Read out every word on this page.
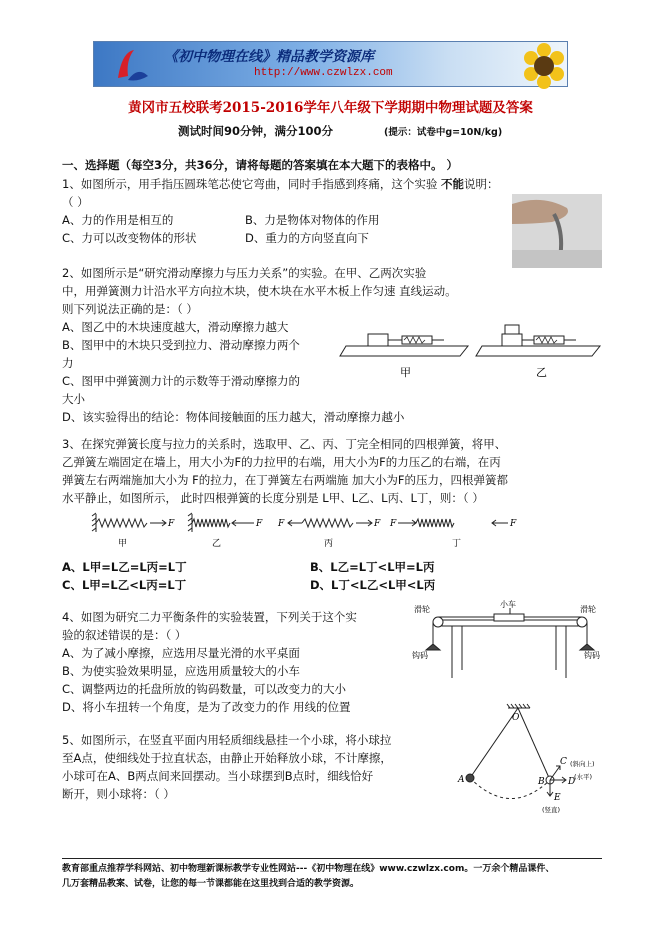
《初中物理在线》精品教学资源库
http://www.czwlzx.com
黄冈市五校联考2015-2016学年八年级下学期期中物理试题及答案
测试时间90分钟，满分100分	(提示：试卷中g=10N/kg)
一、选择题（每空3分，共36分，请将每题的答案填在本大题下的表格中。 ）
1、如图所示，用手指压圆珠笔芯使它弯曲，同时手指感到疼痛，这个实验 不能说明：
（ ）
A、力的作用是相互的	B、力是物体对物体的作用
C、力可以改变物体的形状	D、重力的方向竖直向下
2、如图所示是“研究滑动摩擦力与压力关系”的实验。在甲、乙两次实验
中，用弹簧测力计沿水平方向拉木块，使木块在水平木板上作匀速 直线运动。
则下列说法正确的是：（ ）
A、图乙中的木块速度越大，滑动摩擦力越大
B、图甲中的木块只受到拉力、滑动摩擦力两个
力
C、图甲中弹簧测力计的示数等于滑动摩擦力的
大小
D、该实验得出的结论：物体间接触面的压力越大，滑动摩擦力越小
甲	乙
3、在探究弹簧长度与拉力的关系时，选取甲、乙、丙、丁完全相同的四根弹簧，将甲、
乙弹簧左端固定在墙上，用大小为F的力拉甲的右端，用大小为F的力压乙的右端，在丙
弹簧左右两端施加大小为 F的拉力，在丁弹簧左右两端施 加大小为F的压力，四根弹簧都
水平静止，如图所示， 此时四根弹簧的长度分别是 L甲、L乙、L丙、L丁，则：（ ）
F	F F	F F	F
甲	乙	丙	丁
A、L甲=L乙=L丙=L丁	B、L乙=L丁<L甲=L丙
C、L甲=L乙<L丙=L丁	D、L丁<L乙<L甲<L丙
4、如图为研究二力平衡条件的实验装置，下列关于这个实
验的叙述错误的是：（ ）
A、为了减小摩擦，应选用尽量光滑的水平桌面
B、为使实验效果明显，应选用质量较大的小车
C、调整两边的托盘所放的钩码数量，可以改变力的大小
D、将小车扭转一个角度，是为了改变力的作 用线的位置
小车
滑轮	滑轮
钩码	钩码
5、如图所示，在竖直平面内用轻质细线悬挂一个小球，将小球拉
至A点，使细线处于拉直状态，由静止开始释放小球，不计摩擦，
小球可在A、B两点间来回摆动。当小球摆到B点时，细线恰好
断开，则小球将：（ ）
O
A	B
C
D
E
(斜向上)
(水平)
(竖直)
教育部重点推荐学科网站、初中物理新课标教学专业性网站---《初中物理在线》www.czwlzx.com。一万余个精品课件、
几万套精品教案、试卷，让您的每一节课都能在这里找到合适的教学资源。
